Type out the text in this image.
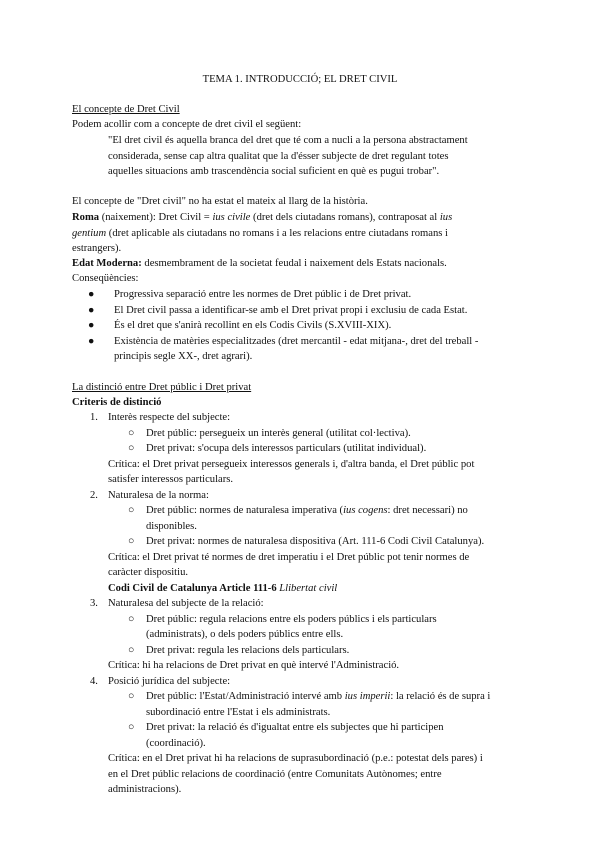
TEMA 1. INTRODUCCIÓ; EL DRET CIVIL
El concepte de Dret Civil
Podem acollir com a concepte de dret civil el següent:
"El dret civil és aquella branca del dret que té com a nucli a la persona abstractament
considerada, sense cap altra qualitat que la d'ésser subjecte de dret regulant totes
aquelles situacions amb trascendència social suficient en què es pugui trobar".
El concepte de "Dret civil" no ha estat el mateix al llarg de la història.
Roma (naixement): Dret Civil = ius civile (dret dels ciutadans romans), contraposat al ius
gentium (dret aplicable als ciutadans no romans i a les relacions entre ciutadans romans i
estrangers).
Edat Moderna: desmembrament de la societat feudal i naixement dels Estats nacionals.
Conseqüències:
●	Progressiva separació entre les normes de Dret públic i de Dret privat.
●	El Dret civil passa a identificar-se amb el Dret privat propi i exclusiu de cada Estat.
●	És el dret que s'anirà recollint en els Codis Civils (S.XVIII-XIX).
●	Existència de matèries especialitzades (dret mercantil - edat mitjana-, dret del treball -
principis segle XX-, dret agrari).
La distinció entre Dret públic i Dret privat
Criteris de distinció
1. Interès respecte del subjecte:
○ Dret públic: persegueix un interès general (utilitat col·lectiva).
○ Dret privat: s'ocupa dels interessos particulars (utilitat individual).
Crítica: el Dret privat persegueix interessos generals i, d'altra banda, el Dret públic pot
satisfer interessos particulars.
2. Naturalesa de la norma:
○ Dret públic: normes de naturalesa imperativa (ius cogens: dret necessari) no
disponibles.
○ Dret privat: normes de naturalesa dispositiva (Art. 111-6 Codi Civil Catalunya).
Crítica: el Dret privat té normes de dret imperatiu i el Dret públic pot tenir normes de
caràcter dispositiu.
Codi Civil de Catalunya Article 111-6 Llibertat civil
3. Naturalesa del subjecte de la relació:
○ Dret públic: regula relacions entre els poders públics i els particulars
(administrats), o dels poders públics entre ells.
○ Dret privat: regula les relacions dels particulars.
Crítica: hi ha relacions de Dret privat en què intervé l'Administració.
4. Posició jurídica del subjecte:
○ Dret públic: l'Estat/Administració intervé amb ius imperii: la relació és de supra i
subordinació entre l'Estat i els administrats.
○ Dret privat: la relació és d'igualtat entre els subjectes que hi participen
(coordinació).
Crítica: en el Dret privat hi ha relacions de suprasubordinació (p.e.: potestat dels pares) i
en el Dret públic relacions de coordinació (entre Comunitats Autònomes; entre
administracions).
